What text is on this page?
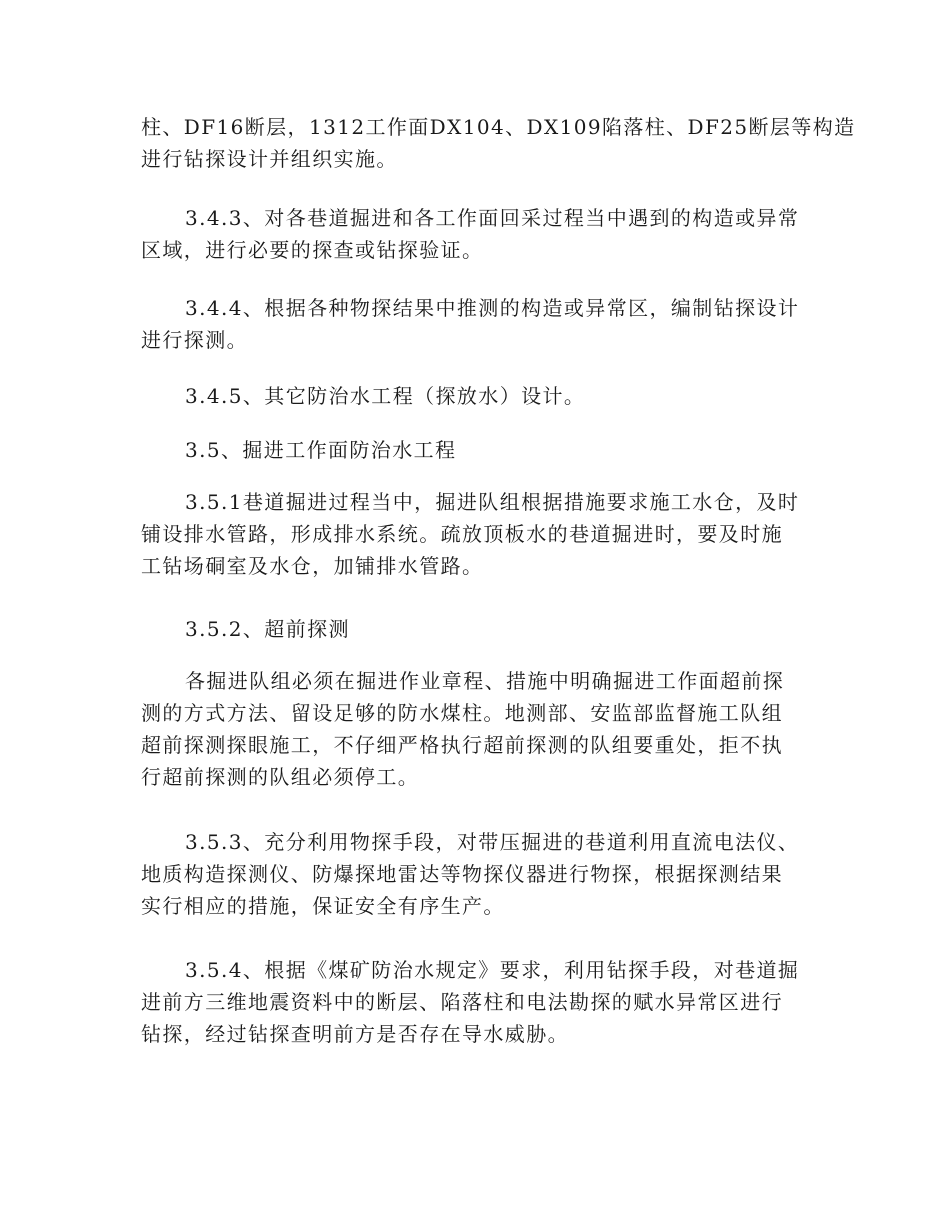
柱、DF16断层，1312工作面DX104、DX109陷落柱、DF25断层等构造
进行钻探设计并组织实施。

3.4.3、对各巷道掘进和各工作面回采过程当中遇到的构造或异常
区域，进行必要的探查或钻探验证。

3.4.4、根据各种物探结果中推测的构造或异常区，编制钻探设计
进行探测。

3.4.5、其它防治水工程（探放水）设计。

3.5、掘进工作面防治水工程

3.5.1巷道掘进过程当中，掘进队组根据措施要求施工水仓，及时
铺设排水管路，形成排水系统。疏放顶板水的巷道掘进时，要及时施
工钻场硐室及水仓，加铺排水管路。

3.5.2、超前探测

各掘进队组必须在掘进作业章程、措施中明确掘进工作面超前探
测的方式方法、留设足够的防水煤柱。地测部、安监部监督施工队组
超前探测探眼施工，不仔细严格执行超前探测的队组要重处，拒不执
行超前探测的队组必须停工。

3.5.3、充分利用物探手段，对带压掘进的巷道利用直流电法仪、
地质构造探测仪、防爆探地雷达等物探仪器进行物探，根据探测结果
实行相应的措施，保证安全有序生产。

3.5.4、根据《煤矿防治水规定》要求，利用钻探手段，对巷道掘
进前方三维地震资料中的断层、陷落柱和电法勘探的赋水异常区进行
钻探，经过钻探查明前方是否存在导水威胁。
